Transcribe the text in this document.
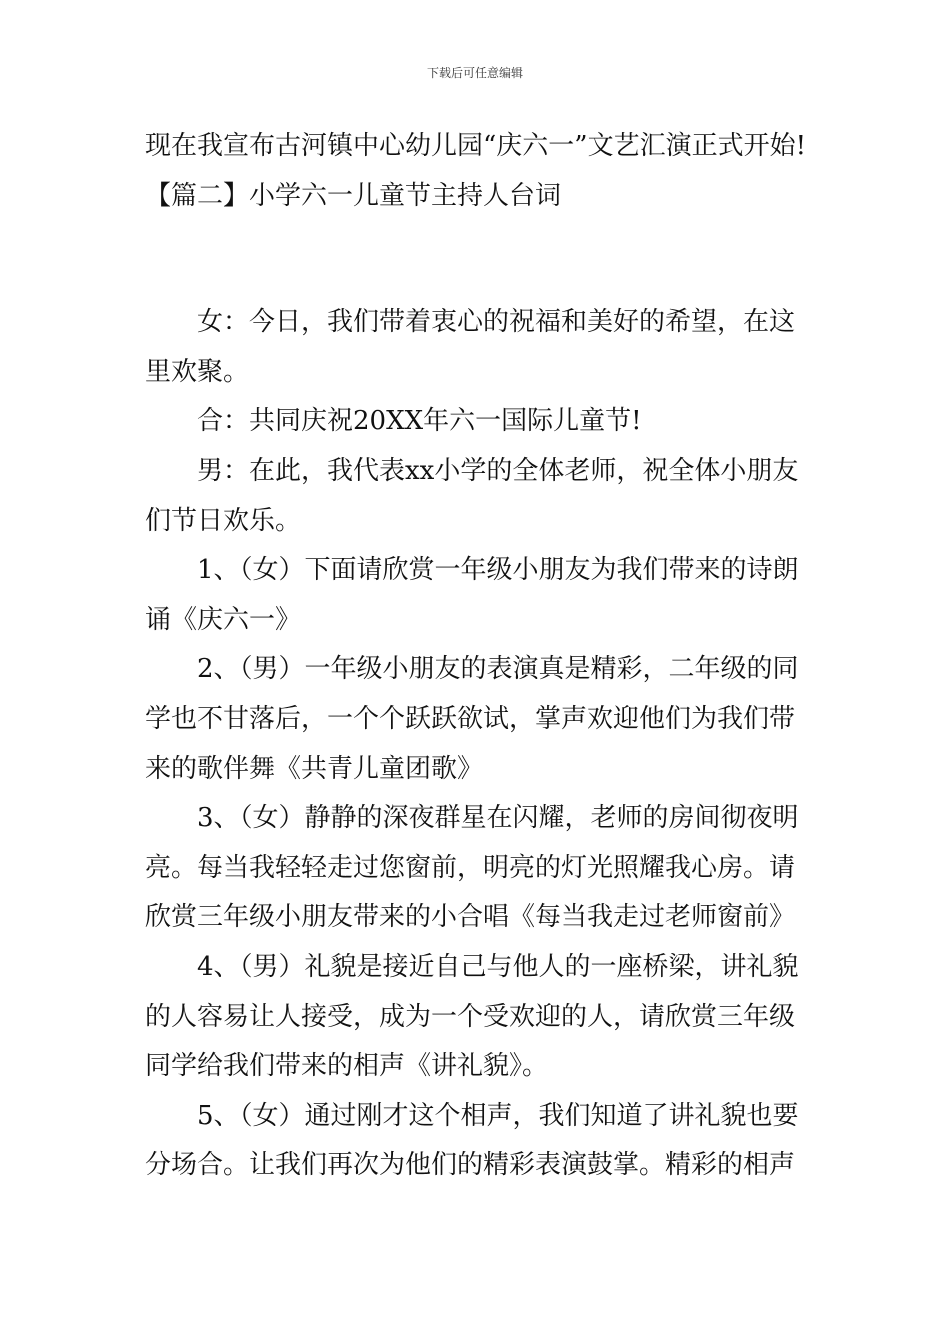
下载后可任意编辑

现在我宣布古河镇中心幼儿园“庆六一”文艺汇演正式开始!

【篇二】小学六一儿童节主持人台词

女：今日，我们带着衷心的祝福和美好的希望，在这里欢聚。

合：共同庆祝20XX年六一国际儿童节!

男：在此，我代表xx小学的全体老师，祝全体小朋友们节日欢乐。

1、（女）下面请欣赏一年级小朋友为我们带来的诗朗诵《庆六一》

2、（男）一年级小朋友的表演真是精彩，二年级的同学也不甘落后，一个个跃跃欲试，掌声欢迎他们为我们带来的歌伴舞《共青儿童团歌》

3、（女）静静的深夜群星在闪耀，老师的房间彻夜明亮。每当我轻轻走过您窗前，明亮的灯光照耀我心房。请欣赏三年级小朋友带来的小合唱《每当我走过老师窗前》

4、（男）礼貌是接近自己与他人的一座桥梁，讲礼貌的人容易让人接受，成为一个受欢迎的人，请欣赏三年级同学给我们带来的相声《讲礼貌》。

5、（女）通过刚才这个相声，我们知道了讲礼貌也要分场合。让我们再次为他们的精彩表演鼓掌。精彩的相声
